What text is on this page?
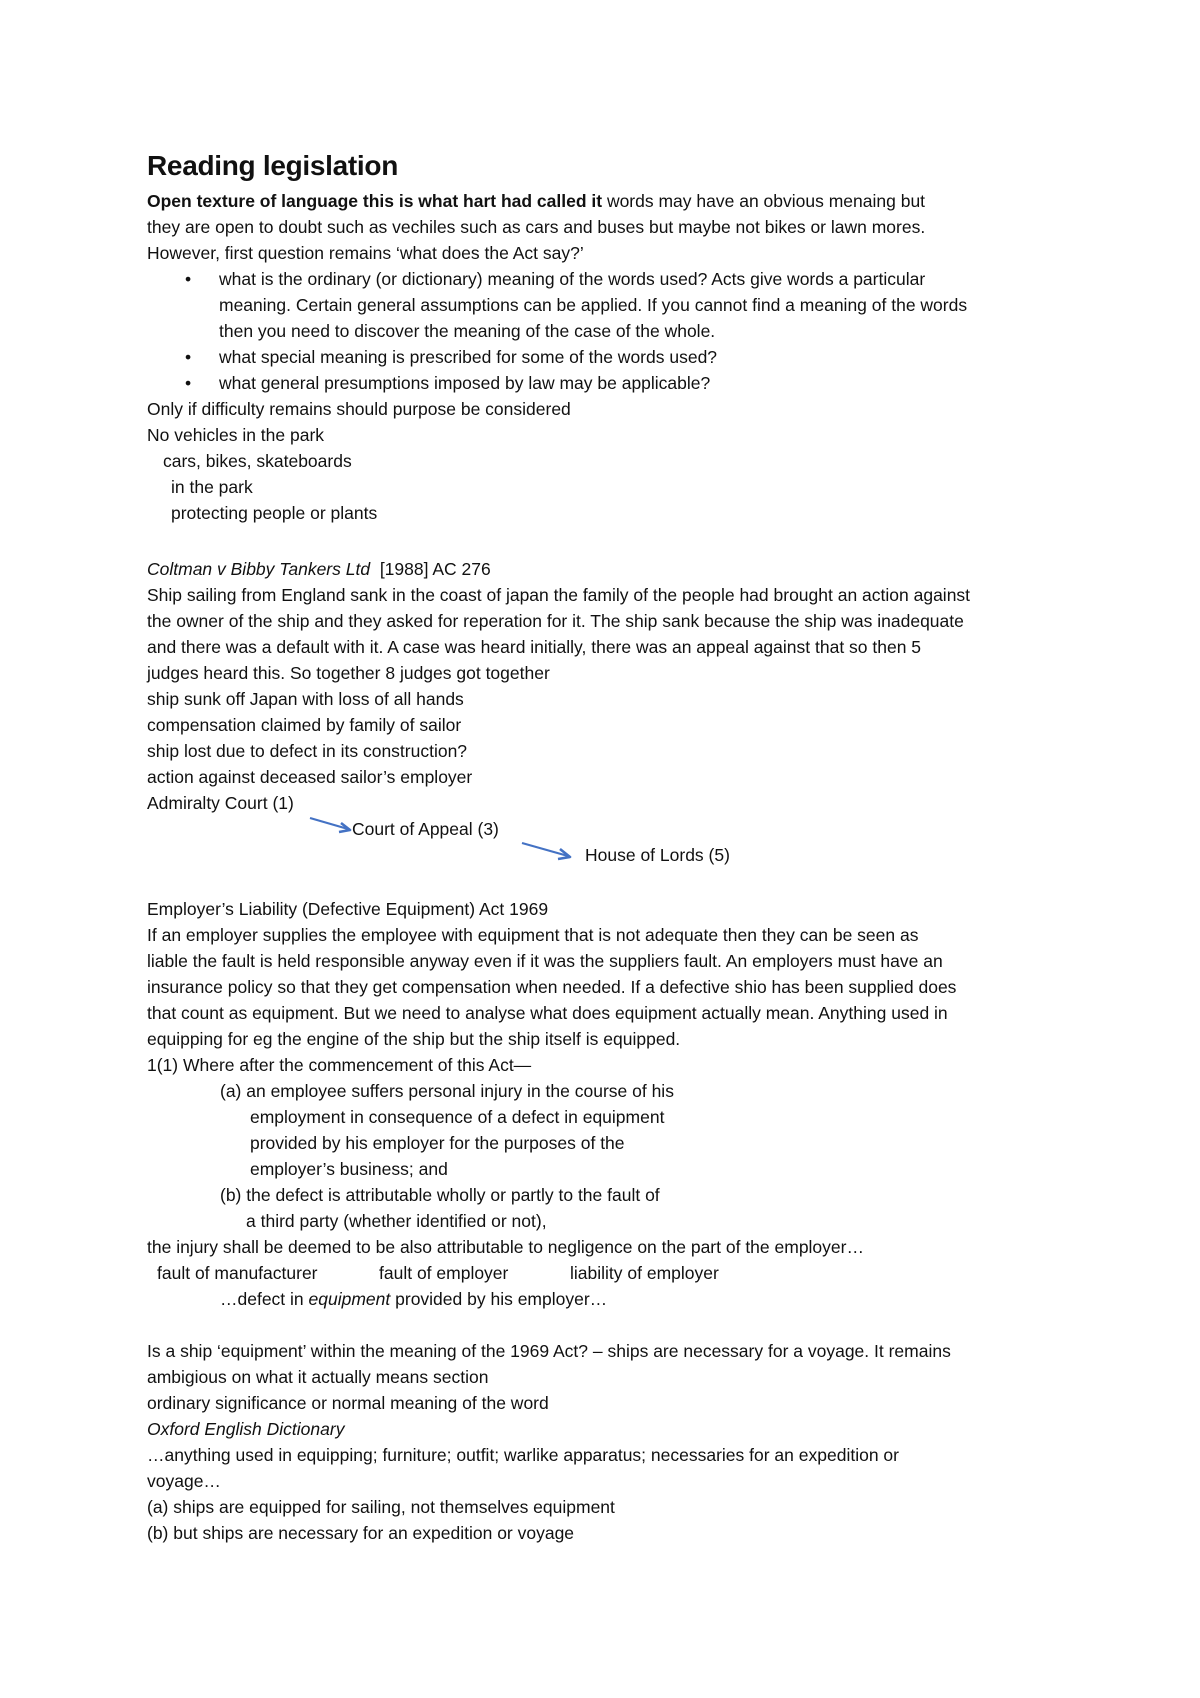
Reading legislation
Open texture of language this is what hart had called it words may have an obvious menaing but
they are open to doubt such as vechiles such as cars and buses but maybe not bikes or lawn mores.
However, first question remains ‘what does the Act say?’
• what is the ordinary (or dictionary) meaning of the words used? Acts give words a particular
meaning. Certain general assumptions can be applied. If you cannot find a meaning of the words
then you need to discover the meaning of the case of the whole.
• what special meaning is prescribed for some of the words used?
• what general presumptions imposed by law may be applicable?
Only if difficulty remains should purpose be considered
No vehicles in the park
cars, bikes, skateboards
in the park
protecting people or plants
Coltman v Bibby Tankers Ltd [1988] AC 276
Ship sailing from England sank in the coast of japan the family of the people had brought an action against
the owner of the ship and they asked for reperation for it. The ship sank because the ship was inadequate
and there was a default with it. A case was heard initially, there was an appeal against that so then 5
judges heard this. So together 8 judges got together
ship sunk off Japan with loss of all hands
compensation claimed by family of sailor
ship lost due to defect in its construction?
action against deceased sailor’s employer
Admiralty Court (1)
Court of Appeal (3)
House of Lords (5)
Employer’s Liability (Defective Equipment) Act 1969
If an employer supplies the employee with equipment that is not adequate then they can be seen as
liable the fault is held responsible anyway even if it was the suppliers fault. An employers must have an
insurance policy so that they get compensation when needed. If a defective shio has been supplied does
that count as equipment. But we need to analyse what does equipment actually mean. Anything used in
equipping for eg the engine of the ship but the ship itself is equipped.
1(1) Where after the commencement of this Act—
(a) an employee suffers personal injury in the course of his
employment in consequence of a defect in equipment
provided by his employer for the purposes of the
employer’s business; and
(b) the defect is attributable wholly or partly to the fault of
a third party (whether identified or not),
the injury shall be deemed to be also attributable to negligence on the part of the employer…
fault of manufacturer	fault of employer	liability of employer
…defect in equipment provided by his employer…
Is a ship ‘equipment’ within the meaning of the 1969 Act? – ships are necessary for a voyage. It remains
ambigious on what it actually means section
ordinary significance or normal meaning of the word
Oxford English Dictionary
…anything used in equipping; furniture; outfit; warlike apparatus; necessaries for an expedition or
voyage…
(a) ships are equipped for sailing, not themselves equipment
(b) but ships are necessary for an expedition or voyage
